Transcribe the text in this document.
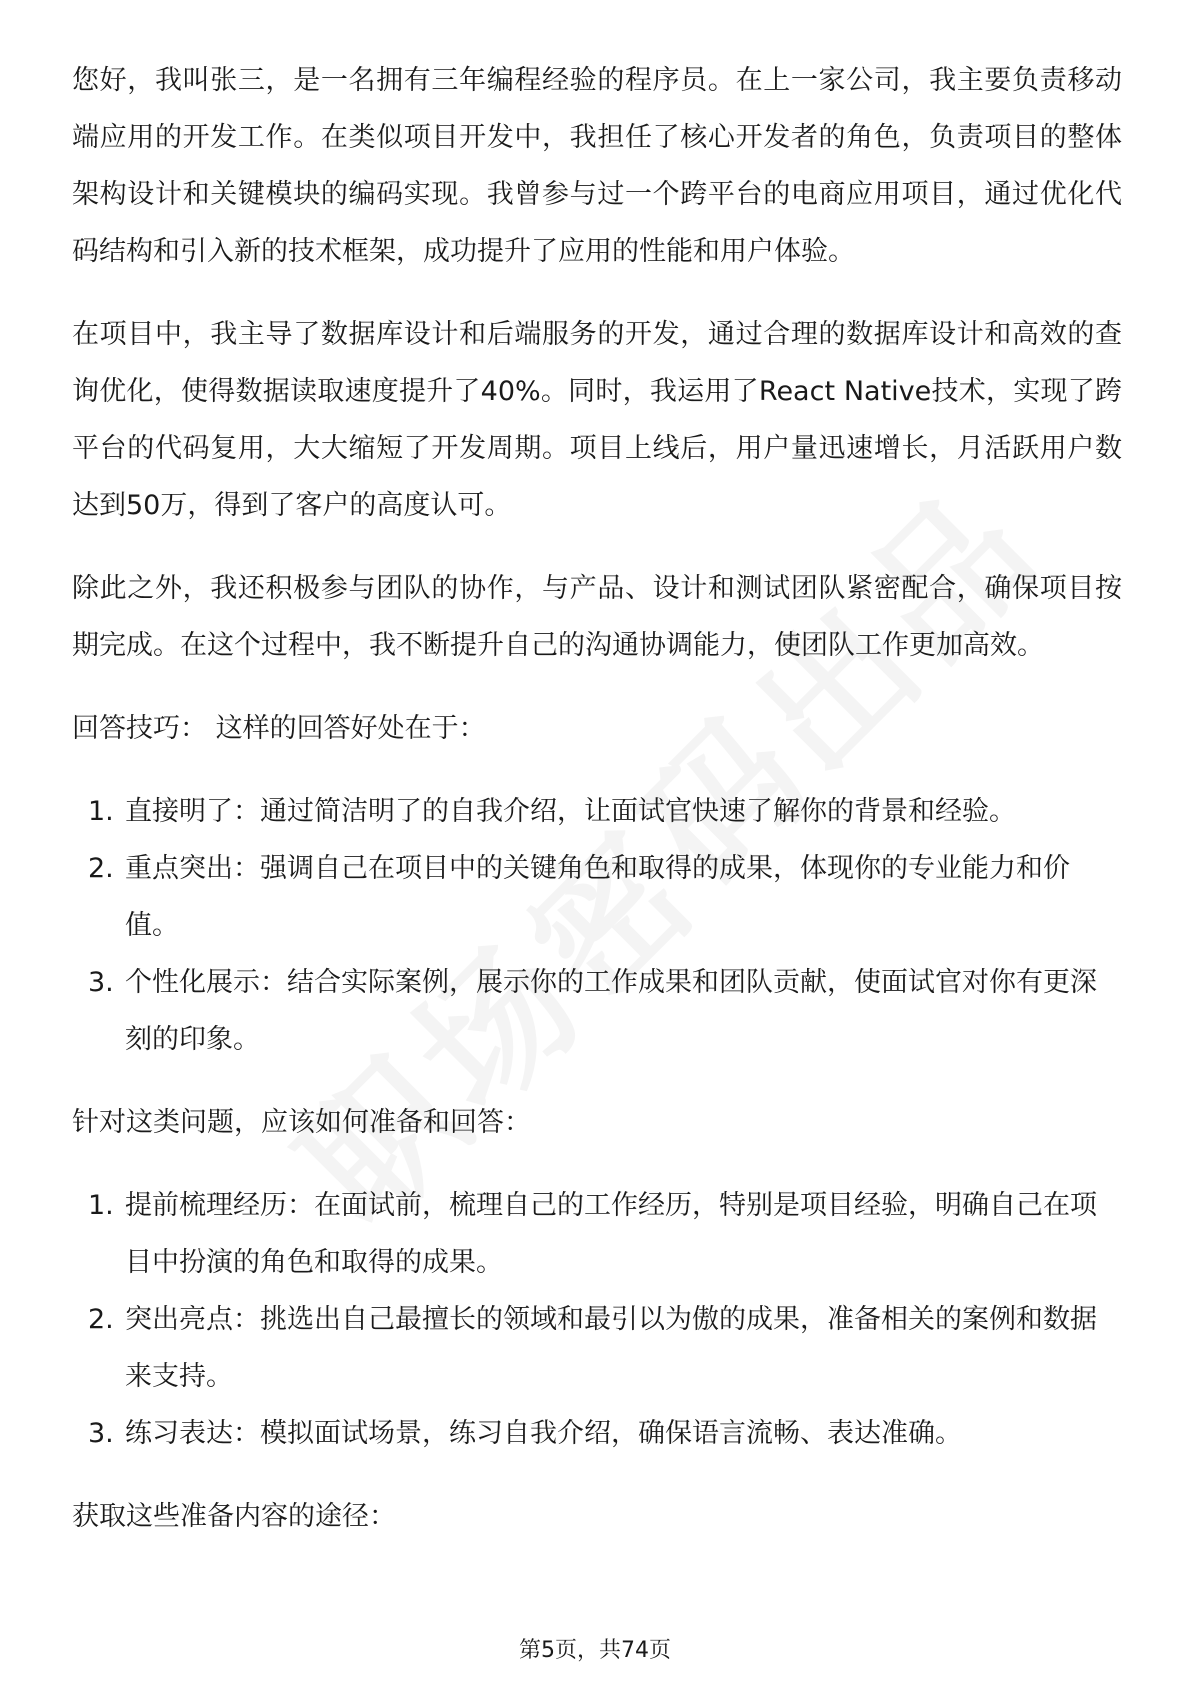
您好，我叫张三，是一名拥有三年编程经验的程序员。在上一家公司，我主要负责移动端应用的开发工作。在类似项目开发中，我担任了核心开发者的角色，负责项目的整体架构设计和关键模块的编码实现。我曾参与过一个跨平台的电商应用项目，通过优化代码结构和引入新的技术框架，成功提升了应用的性能和用户体验。

在项目中，我主导了数据库设计和后端服务的开发，通过合理的数据库设计和高效的查询优化，使得数据读取速度提升了40%。同时，我运用了React Native技术，实现了跨平台的代码复用，大大缩短了开发周期。项目上线后，用户量迅速增长，月活跃用户数达到50万，得到了客户的高度认可。

除此之外，我还积极参与团队的协作，与产品、设计和测试团队紧密配合，确保项目按期完成。在这个过程中，我不断提升自己的沟通协调能力，使团队工作更加高效。

回答技巧： 这样的回答好处在于：

1. 直接明了：通过简洁明了的自我介绍，让面试官快速了解你的背景和经验。
2. 重点突出：强调自己在项目中的关键角色和取得的成果，体现你的专业能力和价值。
3. 个性化展示：结合实际案例，展示你的工作成果和团队贡献，使面试官对你有更深刻的印象。

针对这类问题，应该如何准备和回答：

1. 提前梳理经历：在面试前，梳理自己的工作经历，特别是项目经验，明确自己在项目中扮演的角色和取得的成果。
2. 突出亮点：挑选出自己最擅长的领域和最引以为傲的成果，准备相关的案例和数据来支持。
3. 练习表达：模拟面试场景，练习自我介绍，确保语言流畅、表达准确。

获取这些准备内容的途径：

第5页，共74页
